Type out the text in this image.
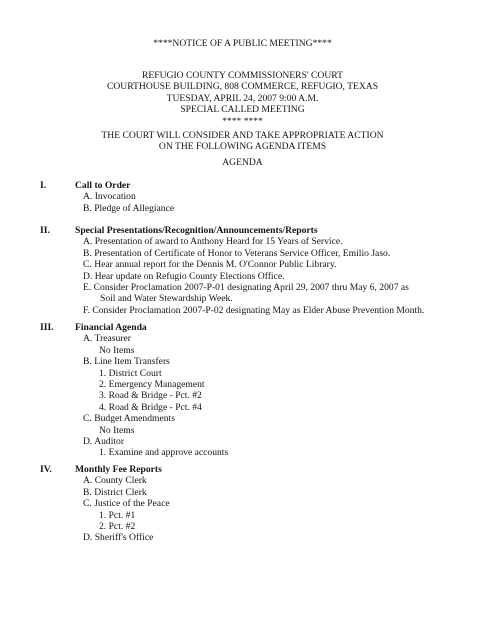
****NOTICE OF A PUBLIC MEETING****
REFUGIO COUNTY COMMISSIONERS' COURT
COURTHOUSE BUILDING, 808 COMMERCE, REFUGIO, TEXAS
TUESDAY, APRIL 24, 2007 9:00 A.M.
SPECIAL CALLED MEETING
**** ****
THE COURT WILL CONSIDER AND TAKE APPROPRIATE ACTION
ON THE FOLLOWING AGENDA ITEMS
AGENDA
I.	Call to Order
A. Invocation
B. Pledge of Allegiance
II.	Special Presentations/Recognition/Announcements/Reports
A. Presentation of award to Anthony Heard for 15 Years of Service.
B. Presentation of Certificate of Honor to Veterans Service Officer, Emilio Jaso.
C. Hear annual report for the Dennis M. O'Connor Public Library.
D. Hear update on Refugio County Elections Office.
E. Consider Proclamation 2007-P-01 designating April 29, 2007 thru May 6, 2007 as
Soil and Water Stewardship Week.
F. Consider Proclamation 2007-P-02 designating May as Elder Abuse Prevention Month.
III.	Financial Agenda
A. Treasurer
No Items
B. Line Item Transfers
1. District Court
2. Emergency Management
3. Road & Bridge - Pct. #2
4. Road & Bridge - Pct. #4
C. Budget Amendments
No Items
D. Auditor
1. Examine and approve accounts
IV.	Monthly Fee Reports
A. County Clerk
B. District Clerk
C. Justice of the Peace
1. Pct. #1
2. Pct. #2
D. Sheriff's Office
